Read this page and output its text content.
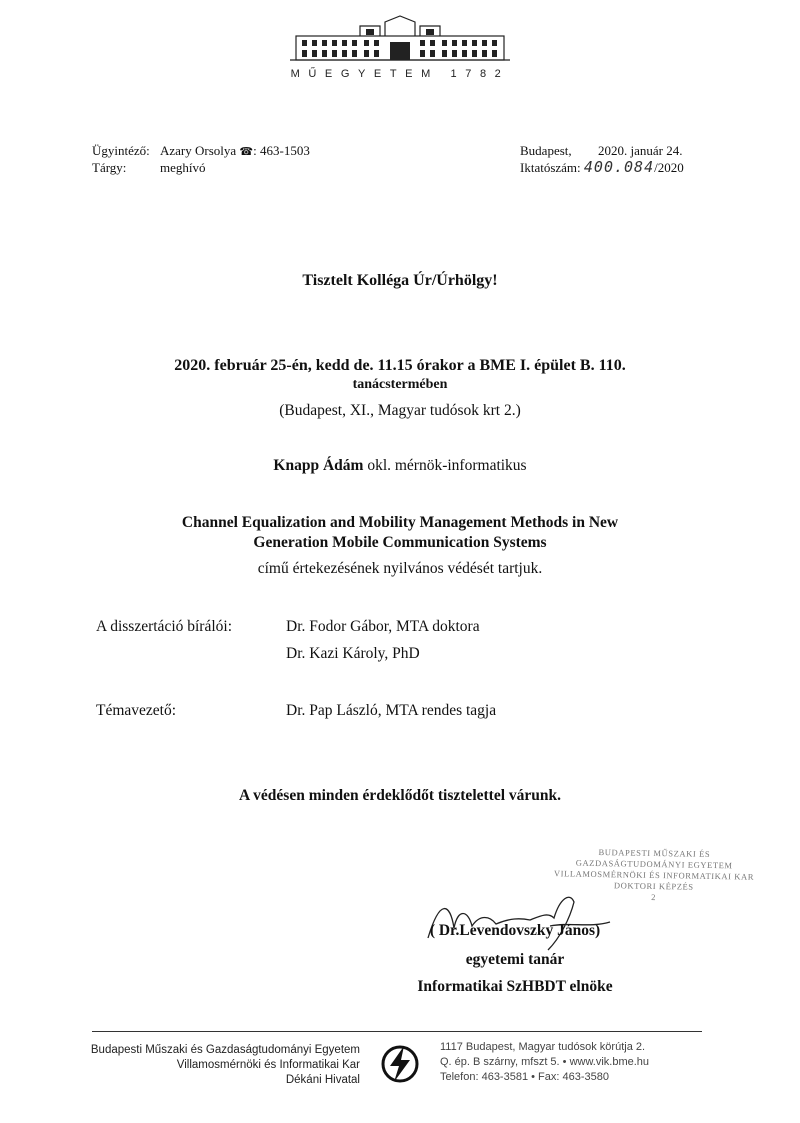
MŰEGYETEM 1782
Ügyintéző: Azary Orsolya ☎: 463-1503
Tárgy:	meghívó
Budapest, 2020. január 24.
Iktatószám: 400.084/2020
Tisztelt Kolléga Úr/Úrhölgy!
2020. február 25-én, kedd de. 11.15 órakor a BME I. épület B. 110.
tanácstermében
(Budapest, XI., Magyar tudósok krt 2.)
Knapp Ádám okl. mérnök-informatikus
Channel Equalization and Mobility Management Methods in New
Generation Mobile Communication Systems
című értekezésének nyilvános védését tartjuk.
A disszertáció bírálói:	Dr. Fodor Gábor, MTA doktora
Dr. Kazi Károly, PhD
Témavezető:	Dr. Pap László, MTA rendes tagja
A védésen minden érdeklődőt tisztelettel várunk.
BUDAPESTI MŰSZAKI ÉS
GAZDASÁGTUDOMÁNYI EGYETEM
VILLAMOSMÉRNÖKI ÉS INFORMATIKAI KAR
DOKTORI KÉPZÉS
2
( Dr.Levendovszky János)
egyetemi tanár
Informatikai SzHBDT elnöke
Budapesti Műszaki és Gazdaságtudományi Egyetem
Villamosmérnöki és Informatikai Kar
Dékáni Hivatal
1117 Budapest, Magyar tudósok körútja 2.
Q. ép. B szárny, mfszt 5. • www.vik.bme.hu
Telefon: 463-3581 • Fax: 463-3580
